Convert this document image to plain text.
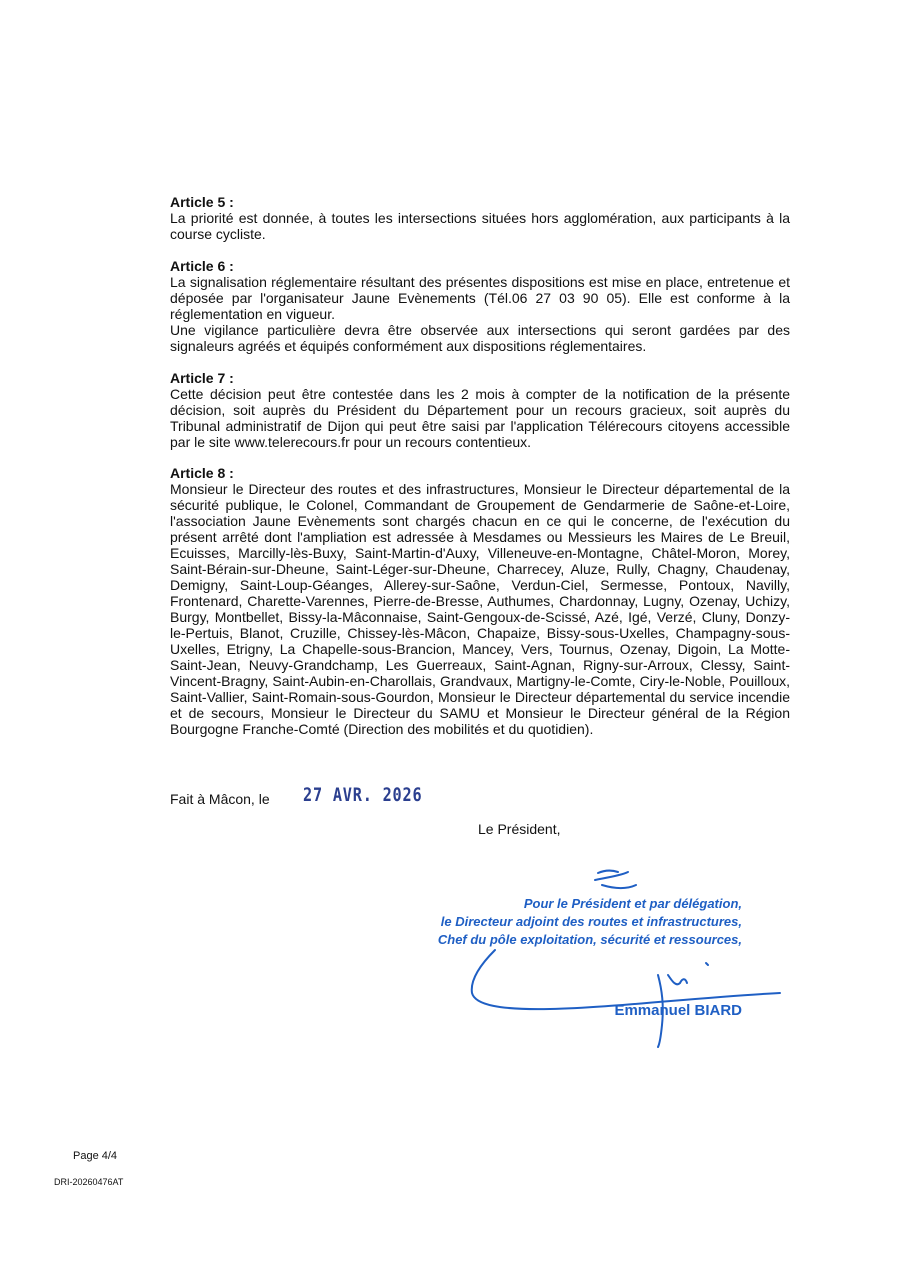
Article 5 :

La priorité est donnée, à toutes les intersections situées hors agglomération, aux participants à la course cycliste.

Article 6 :

La signalisation réglementaire résultant des présentes dispositions est mise en place, entretenue et déposée par l'organisateur Jaune Evènements (Tél.06 27 03 90 05). Elle est conforme à la réglementation en vigueur.

Une vigilance particulière devra être observée aux intersections qui seront gardées par des signaleurs agréés et équipés conformément aux dispositions réglementaires.

Article 7 :

Cette décision peut être contestée dans les 2 mois à compter de la notification de la présente décision, soit auprès du Président du Département pour un recours gracieux, soit auprès du Tribunal administratif de Dijon qui peut être saisi par l'application Télérecours citoyens accessible par le site www.telerecours.fr pour un recours contentieux.

Article 8 :

Monsieur le Directeur des routes et des infrastructures, Monsieur le Directeur départemental de la sécurité publique, le Colonel, Commandant de Groupement de Gendarmerie de Saône-et-Loire, l'association Jaune Evènements sont chargés chacun en ce qui le concerne, de l'exécution du présent arrêté dont l'ampliation est adressée à Mesdames ou Messieurs les Maires de Le Breuil, Ecuisses, Marcilly-lès-Buxy, Saint-Martin-d'Auxy, Villeneuve-en-Montagne, Châtel-Moron, Morey, Saint-Bérain-sur-Dheune, Saint-Léger-sur-Dheune, Charrecey, Aluze, Rully, Chagny, Chaudenay, Demigny, Saint-Loup-Géanges, Allerey-sur-Saône, Verdun-Ciel, Sermesse, Pontoux, Navilly, Frontenard, Charette-Varennes, Pierre-de-Bresse, Authumes, Chardonnay, Lugny, Ozenay, Uchizy, Burgy, Montbellet, Bissy-la-Mâconnaise, Saint-Gengoux-de-Scissé, Azé, Igé, Verzé, Cluny, Donzy-le-Pertuis, Blanot, Cruzille, Chissey-lès-Mâcon, Chapaize, Bissy-sous-Uxelles, Champagny-sous-Uxelles, Etrigny, La Chapelle-sous-Brancion, Mancey, Vers, Tournus, Ozenay, Digoin, La Motte-Saint-Jean, Neuvy-Grandchamp, Les Guerreaux, Saint-Agnan, Rigny-sur-Arroux, Clessy, Saint-Vincent-Bragny, Saint-Aubin-en-Charollais, Grandvaux, Martigny-le-Comte, Ciry-le-Noble, Pouilloux, Saint-Vallier, Saint-Romain-sous-Gourdon, Monsieur le Directeur départemental du service incendie et de secours, Monsieur le Directeur du SAMU et Monsieur le Directeur général de la Région Bourgogne Franche-Comté (Direction des mobilités et du quotidien).

Fait à Mâcon, le 27 AVR. 2026
Le Président,
Pour le Président et par délégation,
le Directeur adjoint des routes et infrastructures,
Chef du pôle exploitation, sécurité et ressources,
Emmanuel BIARD
Page 4/4
DRI-20260476AT
